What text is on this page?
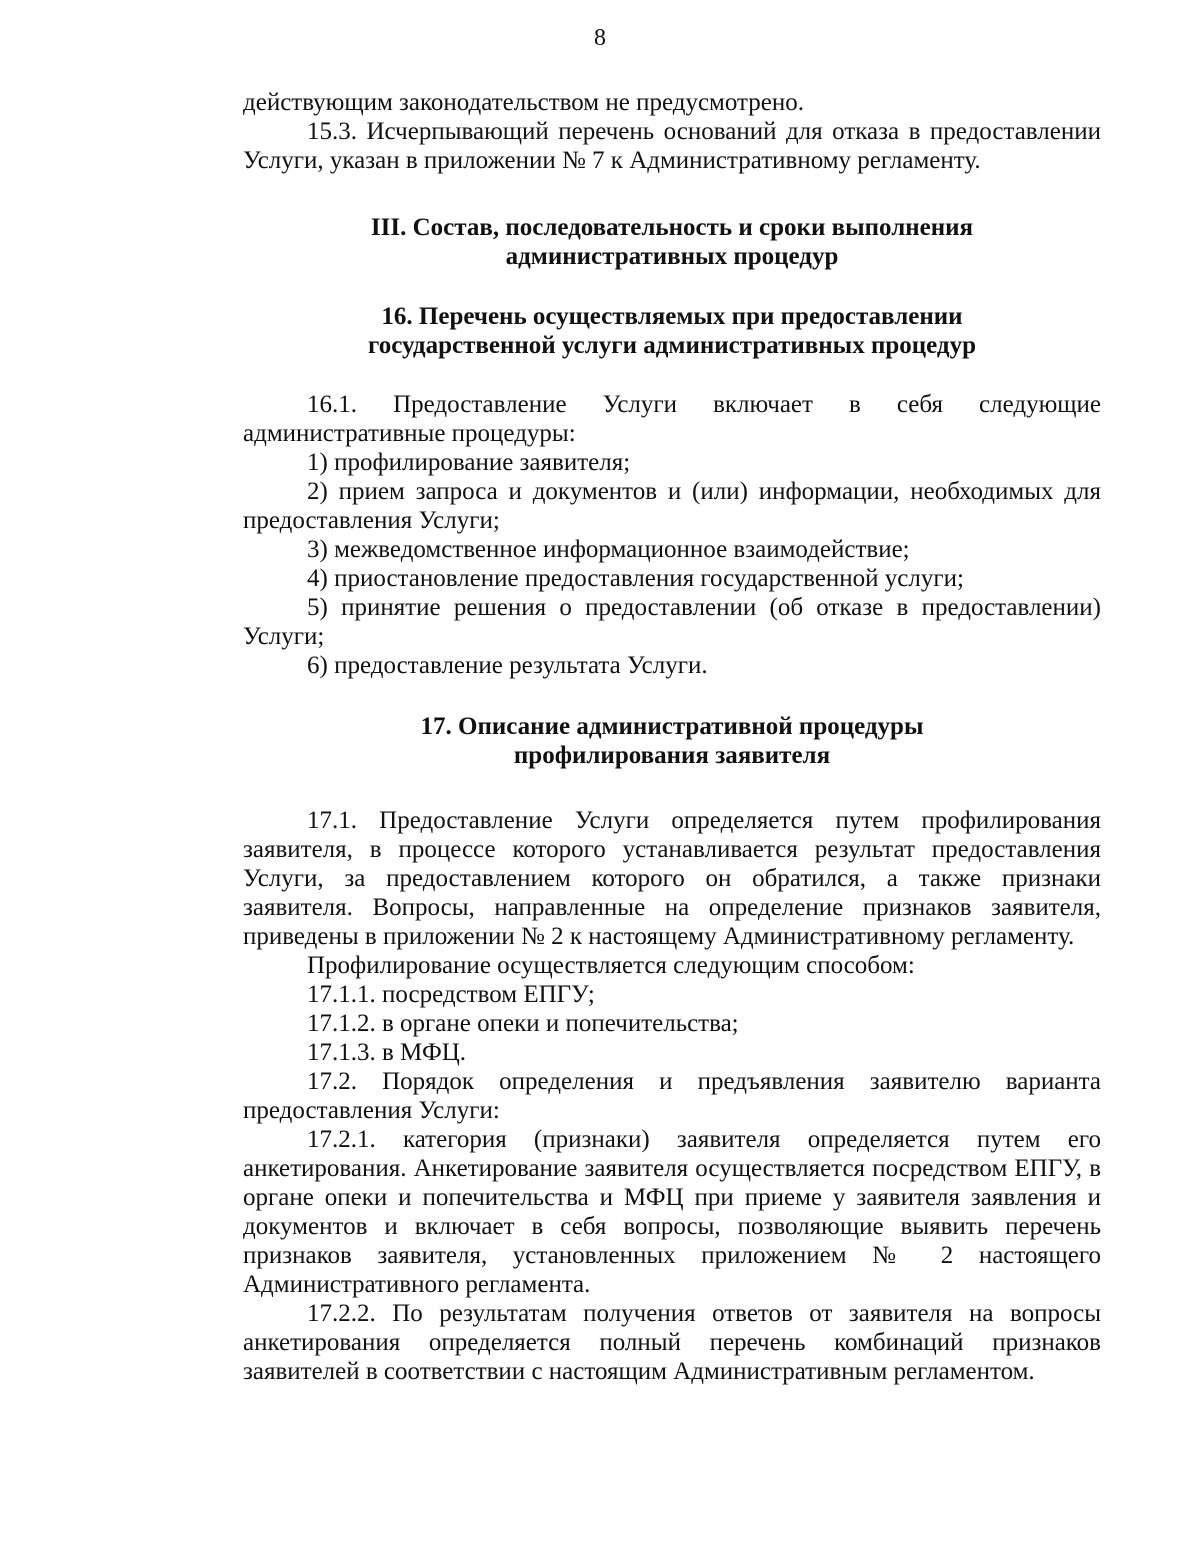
8

действующим законодательством не предусмотрено.

15.3. Исчерпывающий перечень оснований для отказа в предоставлении Услуги, указан в приложении № 7 к Административному регламенту.

III. Состав, последовательность и сроки выполнения
административных процедур
16. Перечень осуществляемых при предоставлении
государственной услуги административных процедур

16.1. Предоставление Услуги включает в себя следующие административные процедуры:

1) профилирование заявителя;

2) прием запроса и документов и (или) информации, необходимых для предоставления Услуги;

3) межведомственное информационное взаимодействие;

4) приостановление предоставления государственной услуги;

5) принятие решения о предоставлении (об отказе в предоставлении) Услуги;

6) предоставление результата Услуги.

17. Описание административной процедуры
профилирования заявителя

17.1. Предоставление Услуги определяется путем профилирования заявителя, в процессе которого устанавливается результат предоставления Услуги, за предоставлением которого он обратился, а также признаки заявителя. Вопросы, направленные на определение признаков заявителя, приведены в приложении № 2 к настоящему Административному регламенту.

Профилирование осуществляется следующим способом:

17.1.1. посредством ЕПГУ;

17.1.2. в органе опеки и попечительства;

17.1.3. в МФЦ.

17.2. Порядок определения и предъявления заявителю варианта предоставления Услуги:

17.2.1. категория (признаки) заявителя определяется путем его анкетирования. Анкетирование заявителя осуществляется посредством ЕПГУ, в органе опеки и попечительства и МФЦ при приеме у заявителя заявления и документов и включает в себя вопросы, позволяющие выявить перечень признаков заявителя, установленных приложением № 2 настоящего Административного регламента.

17.2.2. По результатам получения ответов от заявителя на вопросы анкетирования определяется полный перечень комбинаций признаков заявителей в соответствии с настоящим Административным регламентом.
